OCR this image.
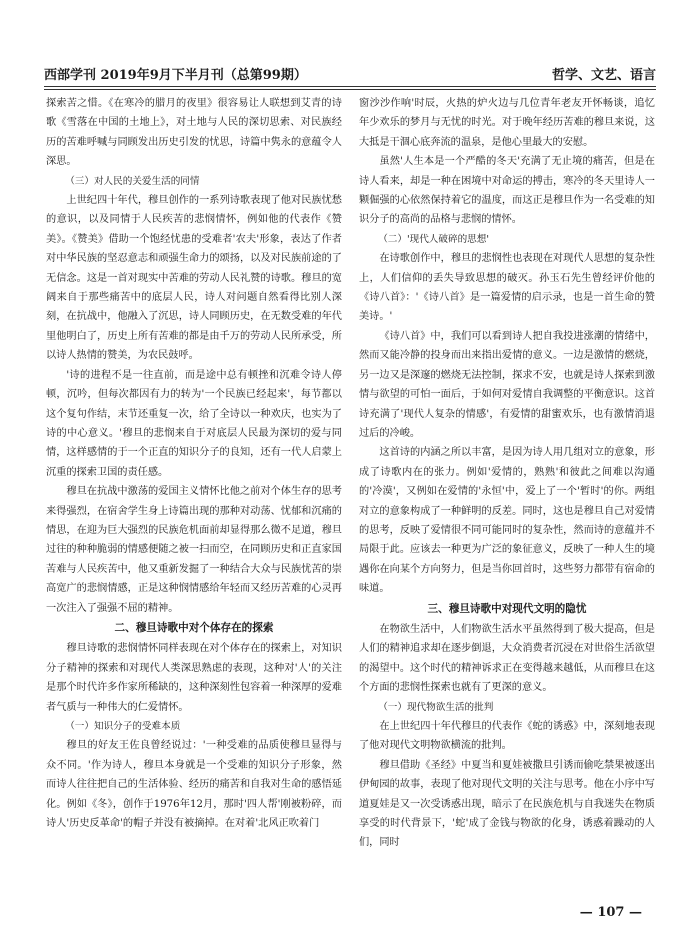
西部学刊 2019年9月下半月刊（总第99期）	哲学、文艺、语言

探索苦之惜。《在寒冷的腊月的夜里》很容易让人联想到艾青的诗歌《雪落在中国的土地上》，对土地与人民的深切思索、对民族经历的苦难呼喊与同顾发出历史引发的忧思，诗篇中隽永的意蕴令人深思。

（三）对人民的关爱生活的同情

上世纪四十年代，穆旦创作的一系列诗歌表现了他对民族忧愁的意识，以及同情于人民疾苦的悲悯情怀，例如他的代表作《赞美》。《赞美》借助一个饱经忧患的受难者'农夫'形象，表达了作者对中华民族的坚忍意志和顽强生命力的颂扬，以及对民族前途的了无信念。这是一首对现实中苦难的劳动人民礼赞的诗歌。穆旦的宽阔来自于那些痛苦中的底层人民，诗人对问题自然看得比别人深刻，在抗战中，他融入了沉思，诗人同顾历史，在无数受难的年代里他明白了，历史上所有苦难的都是由千万的劳动人民所承受，所以诗人热情的赞美，为农民鼓呼。

'诗的进程不是一往直前，而是途中总有顿挫和沉难令诗人停顿，沉吟，但每次都因有力的转为'一个民族已经起来'，每节都以这个复句作结，末节还重复一次，给了全诗以一种欢庆，也实为了诗的中心意义。'穆旦的悲悯来自于对底层人民最为深切的爱与同情，这样感情的于一个正直的知识分子的良知，还有一代人启蒙上沉重的探索卫国的责任感。

穆旦在抗战中激荡的爱国主义情怀比他之前对个体生存的思考来得强烈，在宿舍学生身上诗篇出现的那种对动荡、忧郁和沉痛的情思，在迎为巨大强烈的民族危机面前却显得那么微不足道，穆旦过往的种种脆弱的情感便随之被一扫而空，在同顾历史和正直家国苦难与人民疾苦中，他又重新发掘了一种结合大众与民族忧苦的崇高宽广的悲悯情感，正是这种悯情感给年轻而又经历苦难的心灵再一次注入了强强不屈的精神。

二、穆旦诗歌中对个体存在的探索

穆旦诗歌的悲悯情怀同样表现在对个体存在的探索上，对知识分子精神的探索和对现代人类深思熟虑的表现，这种对'人'的关注是那个时代许多作家所稀缺的，这种深刻性包容着一种深厚的爱难者气质与一种伟大的仁爱情怀。

（一）知识分子的受难本质

穆旦的好友王佐良曾经说过：'一种受难的品质使穆旦显得与众不同。'作为诗人，穆旦本身就是一个受难的知识分子形象，然而诗人往往把自己的生活体验、经历的痛苦和自我对生命的感悟延化。例如《冬》，创作于1976年12月，那时'四人帮'刚被粉碎，而诗人'历史反革命'的帽子并没有被摘掉。在对着'北风正吹着门

窗沙沙作响'时辰，火热的炉火边与几位青年老友开怀畅谈，追忆年少欢乐的梦月与无忧的时光。对于晚年经历苦难的穆旦来说，这大抵是干涸心底奔流的温泉，是他心里最大的安慰。

虽然'人生本是一个严酷的冬天'充满了无止境的痛苦，但是在诗人看来，却是一种在困境中对命运的搏击，寒冷的冬天里诗人一颗倔强的心依然保持着它的温度，而这正是穆旦作为一名受难的知识分子的高尚的品格与悲悯的情怀。

（二）'现代人破碎的思想'

在诗歌创作中，穆旦的悲悯性也表现在对现代人思想的复杂性上，人们信仰的丢失导致思想的破灭。孙玉石先生曾经评价他的《诗八首》：'《诗八首》是一篇爱情的启示录，也是一首生命的赞美诗。'

《诗八首》中，我们可以看到诗人把自我投进涨潮的情绪中，然而又能冷静的投身而出来指出爱情的意义。一边是激情的燃烧，另一边又是深邃的燃烧无法控制，探求不安，也就是诗人探索到激情与欲望的可怕一面后，于如何对爱情自我调整的平衡意识。这首诗充满了'现代人复杂的情感'，有爱情的甜蜜欢乐，也有激情消退过后的冷峻。

这首诗的内涵之所以丰富，是因为诗人用几组对立的意象，形成了诗歌内在的张力。例如'爱情的，熟熟'和彼此之间难以沟通的'冷漠'，又例如在爱情的'永恒'中，爱上了一个'暂时'的你。两组对立的意象构成了一种鲜明的反差。同时，这也是穆旦自己对爱情的思考，反映了爱情很不同可能同时的复杂性，然而诗的意蕴并不局限于此。应该去一种更为广泛的象征意义，反映了一种人生的境遇你在向某个方向努力，但是当你回首时，这些努力都带有宿命的味道。

三、穆旦诗歌中对现代文明的隐忧

在物欲生活中，人们物欲生活水平虽然得到了极大提高，但是人们的精神追求却在逐步倒退，大众消费者沉浸在对世俗生活欲望的渴望中。这个时代的精神诉求正在变得越来越低，从而穆旦在这个方面的悲悯性探索也就有了更深的意义。

（一）现代物欲生活的批判

在上世纪四十年代穆旦的代表作《蛇的诱惑》中，深刻地表现了他对现代文明物欲横流的批判。

穆旦借助《圣经》中夏当和夏娃被撒旦引诱而偷吃禁果被逐出伊甸园的故事，表现了他对现代文明的关注与思考。他在小序中写道夏娃是又一次受诱惑出现，暗示了在民族危机与自我迷失在物质享受的时代背景下，'蛇'成了金钱与物欲的化身，诱惑着躁动的人们，同时

— 107 —
